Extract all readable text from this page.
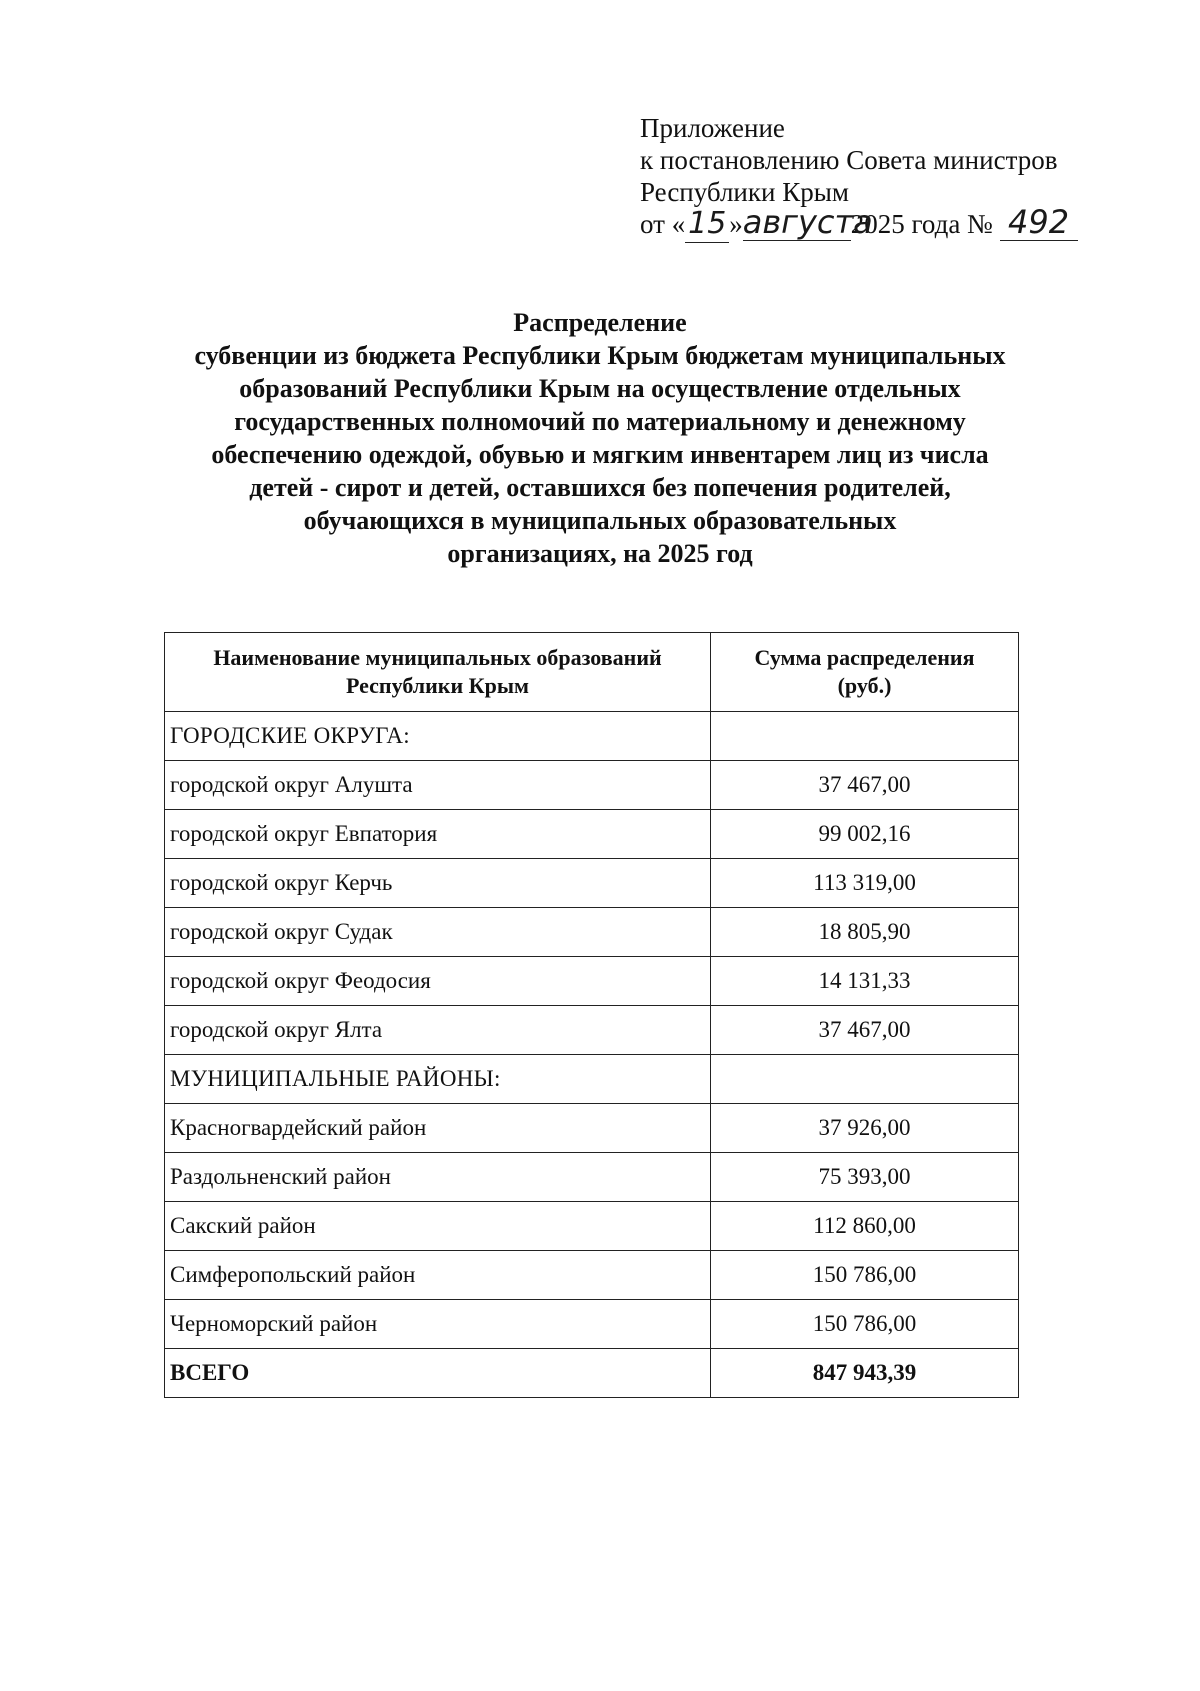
Приложение
к постановлению Совета министров
Республики Крым
от «15 »августа2025 года № 492
Распределение
субвенции из бюджета Республики Крым бюджетам муниципальных
образований Республики Крым на осуществление отдельных
государственных полномочий по материальному и денежному
обеспечению одеждой, обувью и мягким инвентарем лиц из числа
детей - сирот и детей, оставшихся без попечения родителей,
обучающихся в муниципальных образовательных
организациях, на 2025 год
Наименование муниципальных образований
Республики Крым	Сумма распределения
(руб.)
ГОРОДСКИЕ ОКРУГА:	
городской округ Алушта	37 467,00
городской округ Евпатория	99 002,16
городской округ Керчь	113 319,00
городской округ Судак	18 805,90
городской округ Феодосия	14 131,33
городской округ Ялта	37 467,00
МУНИЦИПАЛЬНЫЕ РАЙОНЫ:	
Красногвардейский район	37 926,00
Раздольненский район	75 393,00
Сакский район	112 860,00
Симферопольский район	150 786,00
Черноморский район	150 786,00
ВСЕГО	847 943,39
